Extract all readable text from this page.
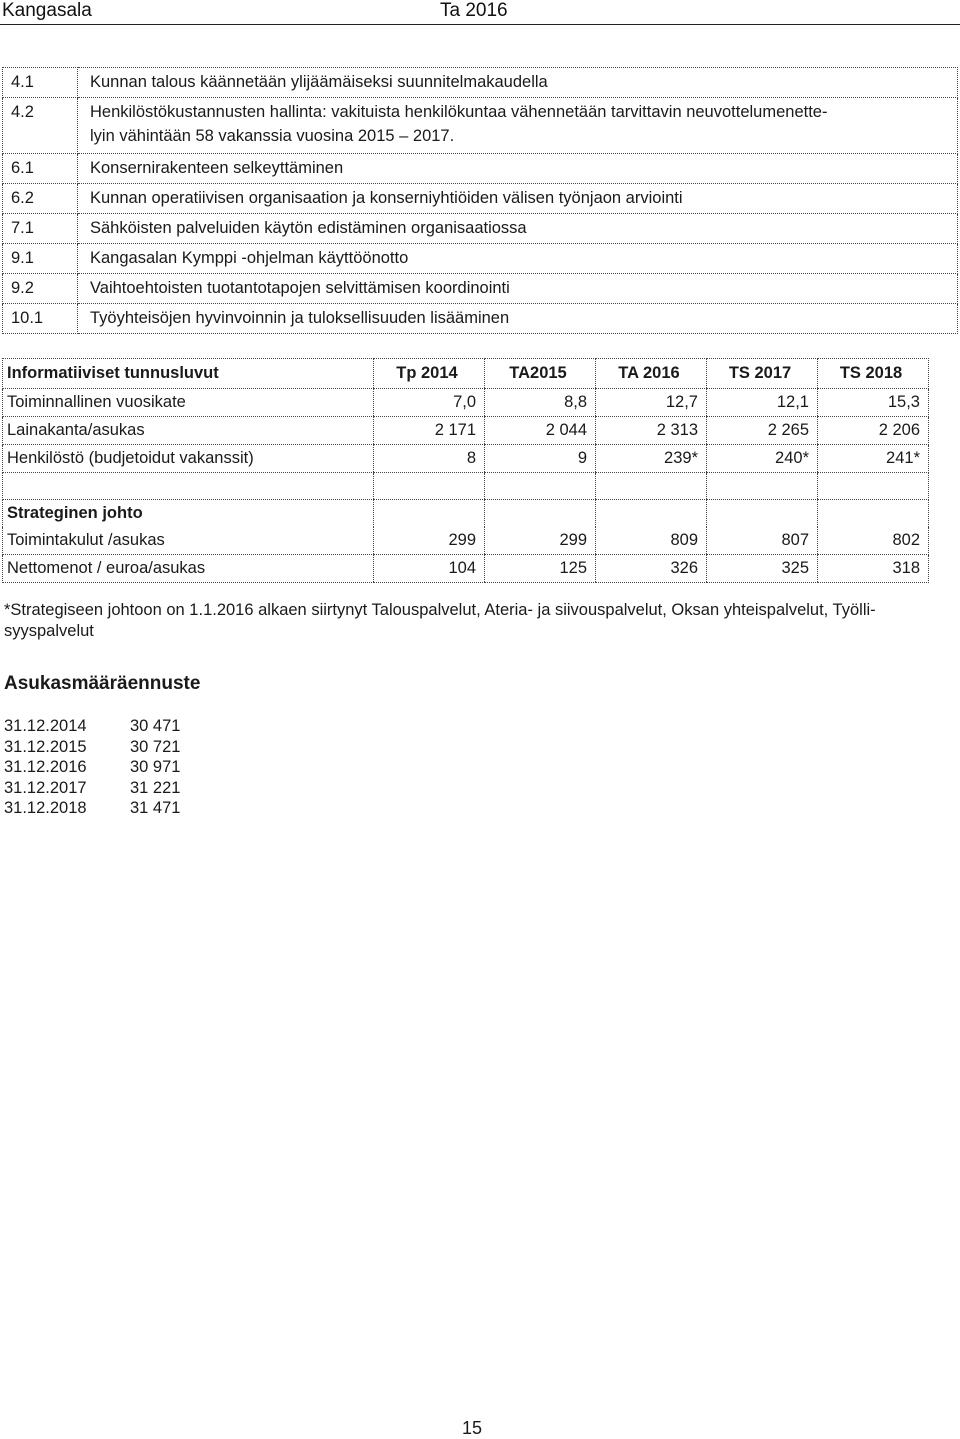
Kangasala	Ta 2016
4.1	Kunnan talous käännetään ylijäämäiseksi suunnitelmakaudella
4.2	Henkilöstökustannusten hallinta: vakituista henkilökuntaa vähennetään tarvittavin neuvottelumenette-
lyin vähintään 58 vakanssia vuosina 2015 – 2017.

6.1	Konsernirakenteen selkeyttäminen
6.2	Kunnan operatiivisen organisaation ja konserniyhtiöiden välisen työnjaon arviointi
7.1	Sähköisten palveluiden käytön edistäminen organisaatiossa
9.1	Kangasalan Kymppi -ohjelman käyttöönotto
9.2	Vaihtoehtoisten tuotantotapojen selvittämisen koordinointi
10.1	Työyhteisöjen hyvinvoinnin ja tuloksellisuuden lisääminen
Informatiiviset tunnusluvut	Tp 2014	TA2015	TA 2016	TS 2017	TS 2018
Toiminnallinen vuosikate	7,0	8,8	12,7	12,1	15,3
Lainakanta/asukas	2 171	2 044	2 313	2 265	2 206
Henkilöstö (budjetoidut vakanssit)	8	9	239*	240*	241*

Strateginen johto					
Toimintakulut /asukas	299	299	809	807	802
Nettomenot / euroa/asukas	104	125	326	325	318
*Strategiseen johtoon on 1.1.2016 alkaen siirtynyt Talouspalvelut, Ateria- ja siivouspalvelut, Oksan yhteispalvelut, Työlli-
syyspalvelut
Asukasmääräennuste
31.12.2014	30 471
31.12.2015	30 721
31.12.2016	30 971
31.12.2017	31 221
31.12.2018	31 471
15
